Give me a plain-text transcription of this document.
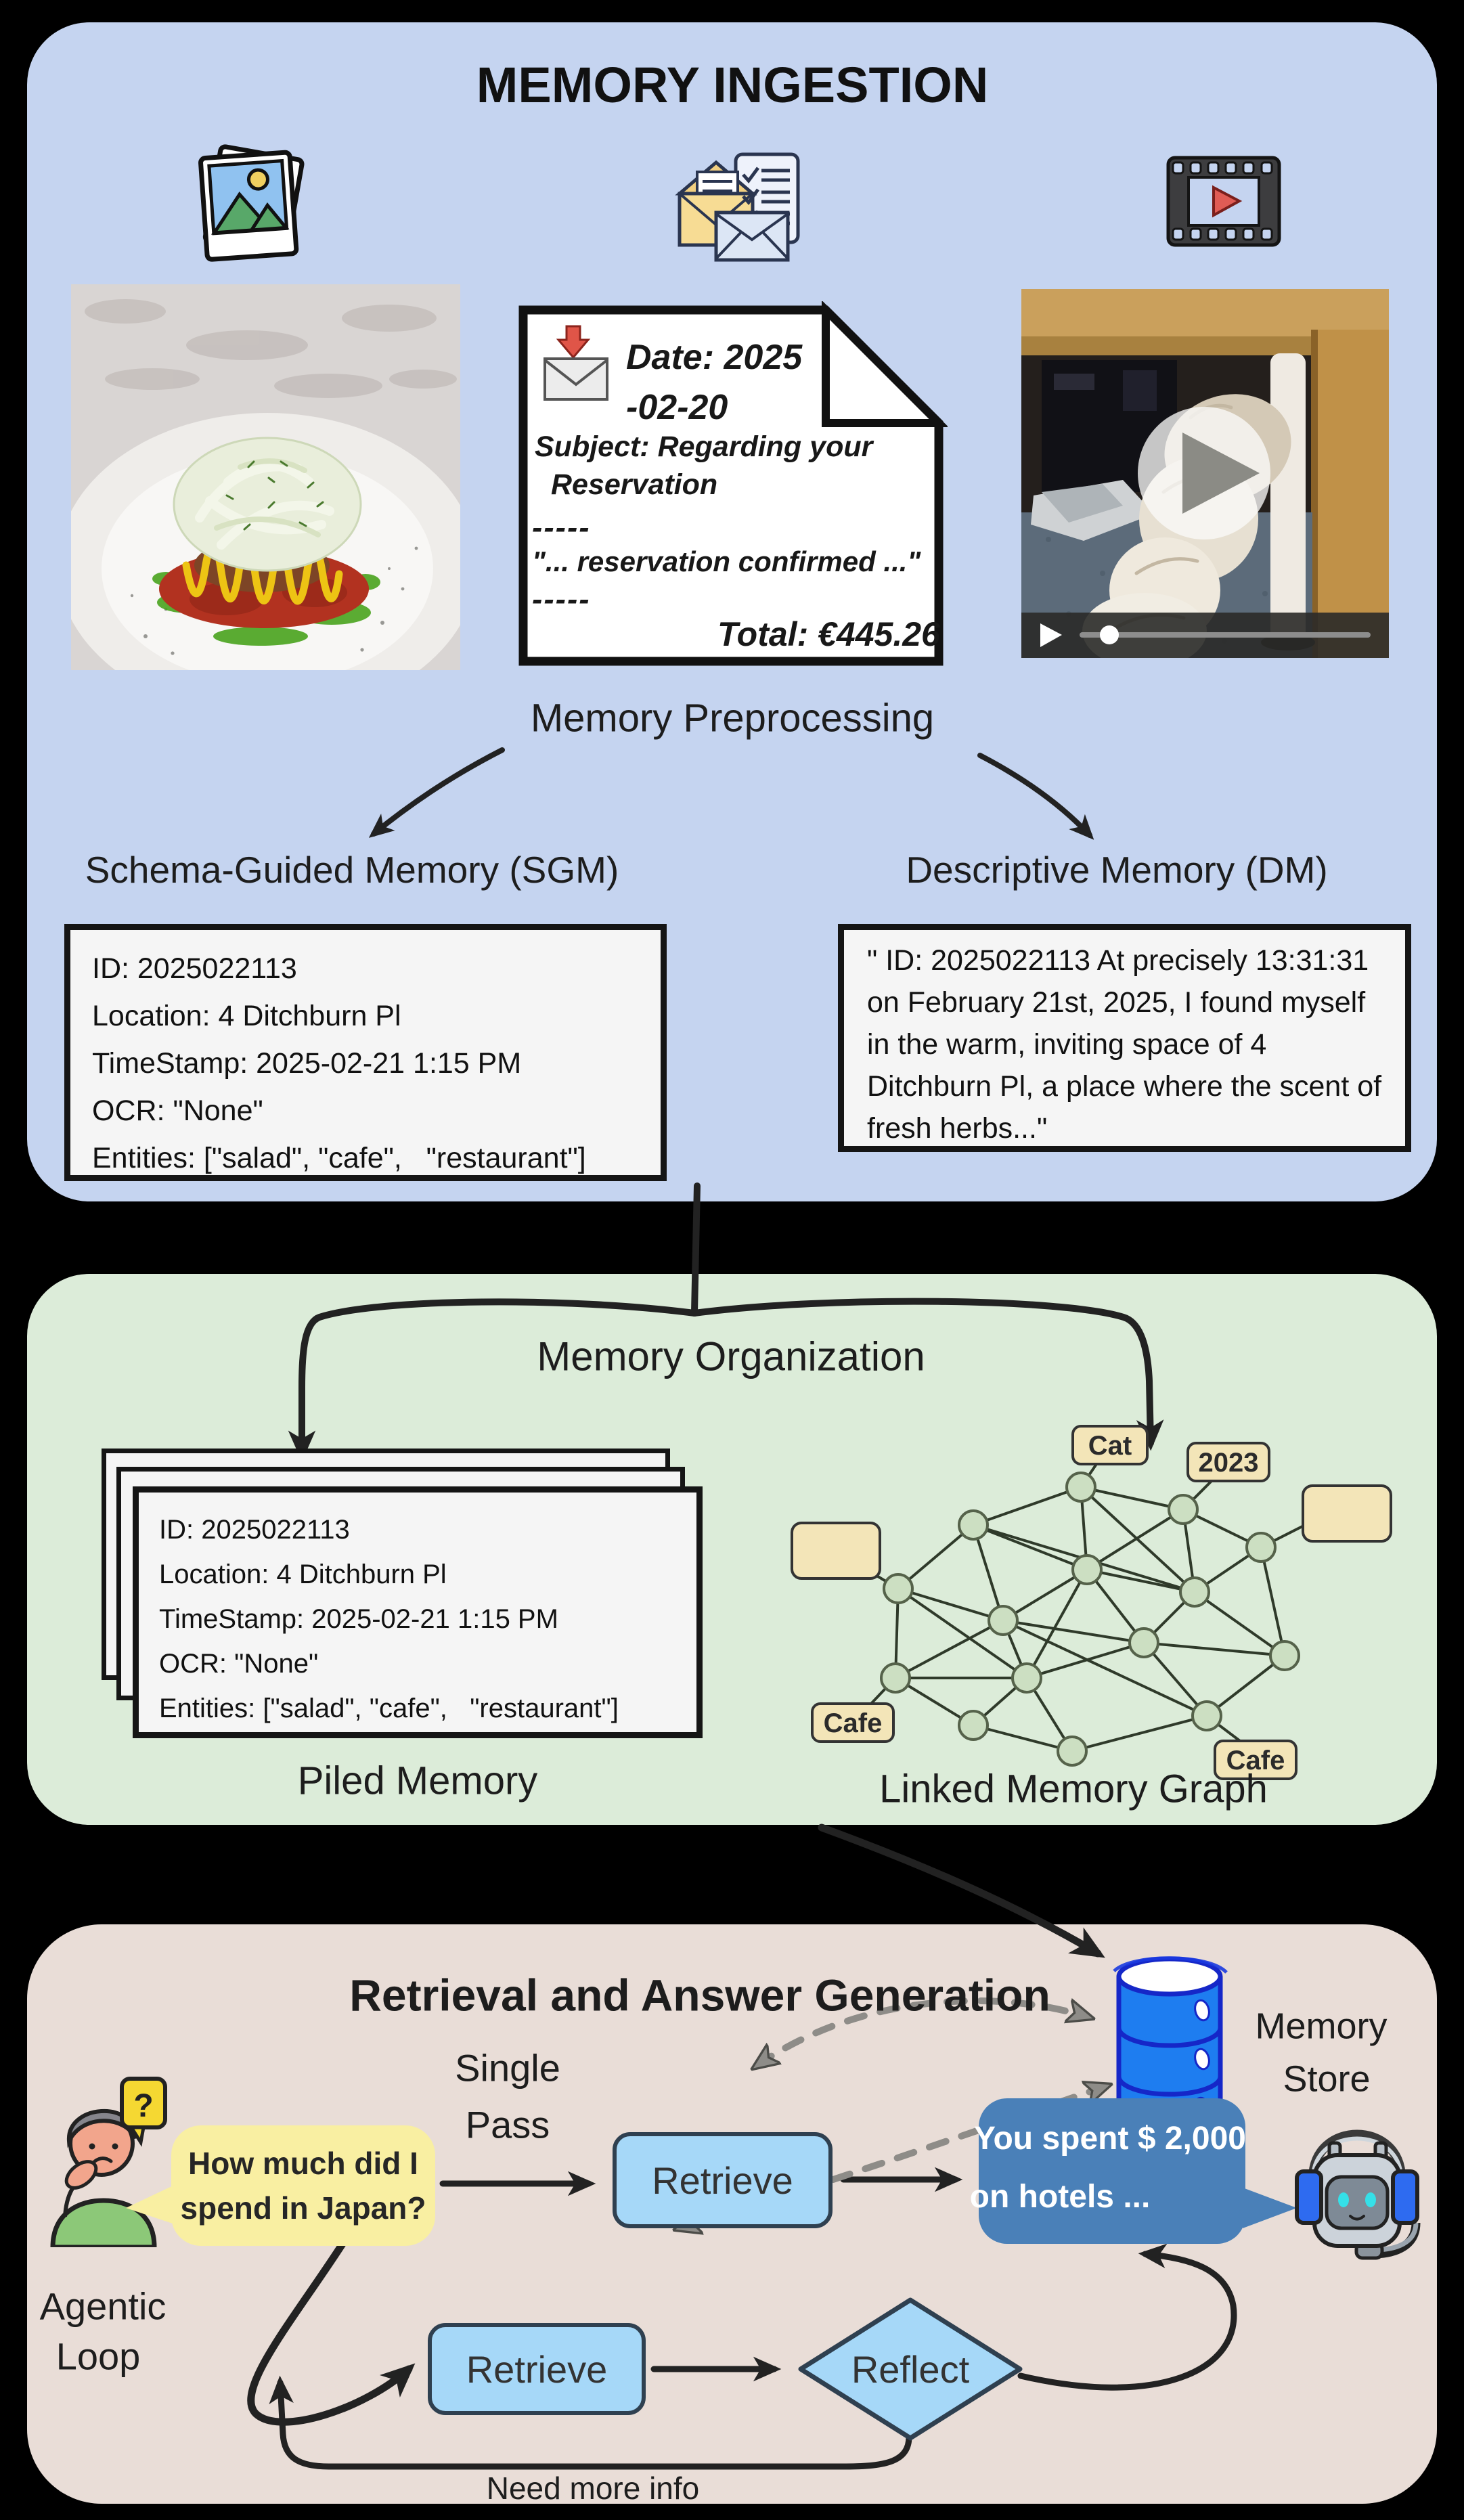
MEMORY INGESTION
Date: 2025
-02-20
Subject: Regarding your
Reservation
-----
"... reservation confirmed ..."
-----
Total: €445.26
Memory Preprocessing
Schema-Guided Memory (SGM)	Descriptive Memory (DM)
ID: 2025022113
Location: 4 Ditchburn Pl
TimeStamp: 2025-02-21 1:15 PM
OCR: "None"
Entities: ["salad", "cafe",   "restaurant"]
" ID: 2025022113 At precisely 13:31:31 on February 21st, 2025, I found myself in the warm, inviting space of 4 Ditchburn Pl, a place where the scent of fresh herbs..."
Memory Organization
ID: 2025022113
Location: 4 Ditchburn Pl
TimeStamp: 2025-02-21 1:15 PM
OCR: "None"
Entities: ["salad", "cafe",   "restaurant"]
Piled Memory
Cat
2023
Cafe
Cafe
Linked Memory Graph
Retrieval and Answer Generation
Memory
Store
Single
Pass
?
How much did I
spend in Japan?
Retrieve
You spent $ 2,000
on hotels ...
Agentic
Loop	Retrieve	Reflect
Need more info
